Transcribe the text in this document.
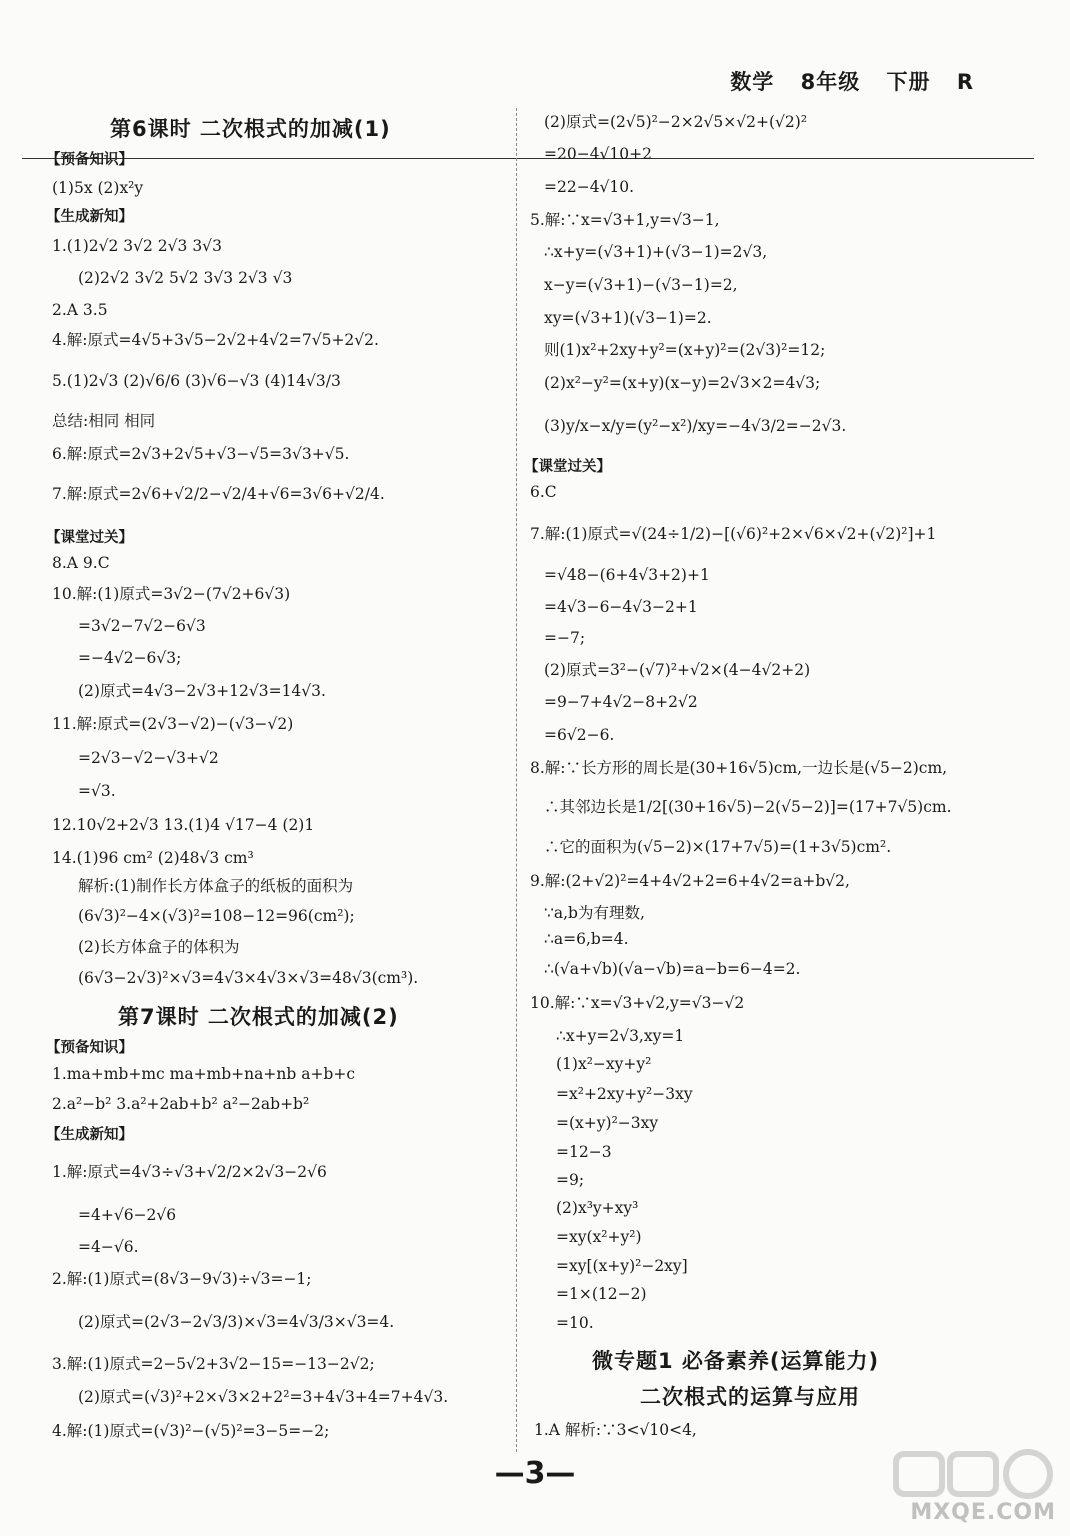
数学 8年级 下册 R
第6课时 二次根式的加减(1)
【预备知识】
(1)5x (2)x²y
【生成新知】
1.(1)2√2 3√2 2√3 3√3
(2)2√2 3√2 5√2 3√3 2√3 √3
2.A 3.5
4.解:原式=4√5+3√5−2√2+4√2=7√5+2√2.
5.(1)2√3 (2)√6/6 (3)√6−√3 (4)14√3/3
总结:相同 相同
6.解:原式=2√3+2√5+√3−√5=3√3+√5.
7.解:原式=2√6+√2/2−√2/4+√6=3√6+√2/4.
【课堂过关】
8.A 9.C
10.解:(1)原式=3√2−(7√2+6√3)
=3√2−7√2−6√3
=−4√2−6√3;
(2)原式=4√3−2√3+12√3=14√3.
11.解:原式=(2√3−√2)−(√3−√2)
=2√3−√2−√3+√2
=√3.
12.10√2+2√3 13.(1)4 √17−4 (2)1
14.(1)96 cm² (2)48√3 cm³
解析:(1)制作长方体盒子的纸板的面积为
(6√3)²−4×(√3)²=108−12=96(cm²);
(2)长方体盒子的体积为
(6√3−2√3)²×√3=4√3×4√3×√3=48√3(cm³).
第7课时 二次根式的加减(2)
【预备知识】
1.ma+mb+mc ma+mb+na+nb a+b+c
2.a²−b² 3.a²+2ab+b² a²−2ab+b²
【生成新知】
1.解:原式=4√3÷√3+√2/2×2√3−2√6
=4+√6−2√6
=4−√6.
2.解:(1)原式=(8√3−9√3)÷√3=−1;
(2)原式=(2√3−2√3/3)×√3=4√3/3×√3=4.
3.解:(1)原式=2−5√2+3√2−15=−13−2√2;
(2)原式=(√3)²+2×√3×2+2²=3+4√3+4=7+4√3.
4.解:(1)原式=(√3)²−(√5)²=3−5=−2;
(2)原式=(2√5)²−2×2√5×√2+(√2)²
=20−4√10+2
=22−4√10.
5.解:∵x=√3+1,y=√3−1,
∴x+y=(√3+1)+(√3−1)=2√3,
x−y=(√3+1)−(√3−1)=2,
xy=(√3+1)(√3−1)=2.
则(1)x²+2xy+y²=(x+y)²=(2√3)²=12;
(2)x²−y²=(x+y)(x−y)=2√3×2=4√3;
(3)y/x−x/y=(y²−x²)/xy=−4√3/2=−2√3.
【课堂过关】
6.C
7.解:(1)原式=√(24÷1/2)−[(√6)²+2×√6×√2+(√2)²]+1
=√48−(6+4√3+2)+1
=4√3−6−4√3−2+1
=−7;
(2)原式=3²−(√7)²+√2×(4−4√2+2)
=9−7+4√2−8+2√2
=6√2−6.
8.解:∵长方形的周长是(30+16√5)cm,一边长是(√5−2)cm,
∴其邻边长是1/2[(30+16√5)−2(√5−2)]=(17+7√5)cm.
∴它的面积为(√5−2)×(17+7√5)=(1+3√5)cm².
9.解:(2+√2)²=4+4√2+2=6+4√2=a+b√2,
∵a,b为有理数,
∴a=6,b=4.
∴(√a+√b)(√a−√b)=a−b=6−4=2.
10.解:∵x=√3+√2,y=√3−√2
∴x+y=2√3,xy=1
(1)x²−xy+y²
=x²+2xy+y²−3xy
=(x+y)²−3xy
=12−3
=9;
(2)x³y+xy³
=xy(x²+y²)
=xy[(x+y)²−2xy]
=1×(12−2)
=10.
微专题1 必备素养(运算能力)
二次根式的运算与应用
1.A 解析:∵3<√10<4,
—3—
MXQE.COM
